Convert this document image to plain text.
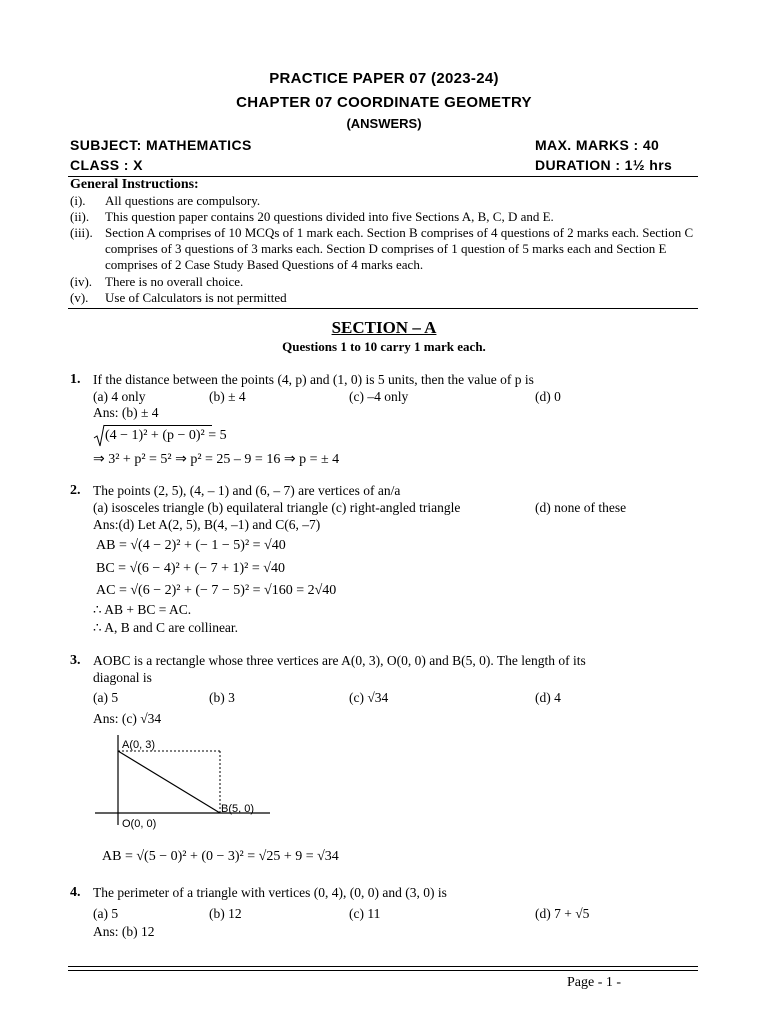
PRACTICE PAPER 07 (2023-24)
CHAPTER 07 COORDINATE GEOMETRY
(ANSWERS)
SUBJECT: MATHEMATICS	MAX. MARKS : 40
CLASS : X	DURATION : 1½ hrs
General Instructions:
(i). All questions are compulsory.
(ii). This question paper contains 20 questions divided into five Sections A, B, C, D and E.
(iii). Section A comprises of 10 MCQs of 1 mark each. Section B comprises of 4 questions of 2 marks each. Section C comprises of 3 questions of 3 marks each. Section D comprises of 1 question of 5 marks each and Section E comprises of 2 Case Study Based Questions of 4 marks each.
(iv). There is no overall choice.
(v). Use of Calculators is not permitted
SECTION – A
Questions 1 to 10 carry 1 mark each.
1. If the distance between the points (4, p) and (1, 0) is 5 units, then the value of p is
(a) 4 only	(b) ± 4	(c) –4 only	(d) 0
Ans: (b) ± 4
(4 − 1)² + (p − 0)² = 5
⇒ 3² + p² = 5² ⇒ p² = 25 – 9 = 16 ⇒ p = ± 4
2. The points (2, 5), (4, – 1) and (6, – 7) are vertices of an/a
(a) isosceles triangle (b) equilateral triangle (c) right-angled triangle	(d) none of these
Ans:(d) Let A(2, 5), B(4, –1) and C(6, –7)
AB = √(4 − 2)² + (− 1 − 5)² = √40
BC = √(6 − 4)² + (− 7 + 1)² = √40
AC = √(6 − 2)² + (− 7 − 5)² = √160 = 2√40
∴ AB + BC = AC.
∴ A, B and C are collinear.
3. AOBC is a rectangle whose three vertices are A(0, 3), O(0, 0) and B(5, 0). The length of its
diagonal is
(a) 5	(b) 3	(c) √34	(d) 4
Ans: (c) √34
A(0, 3)
B(5, 0)
O(0, 0)
AB = √(5 − 0)² + (0 − 3)² = √25 + 9 = √34
4. The perimeter of a triangle with vertices (0, 4), (0, 0) and (3, 0) is
(a) 5	(b) 12	(c) 11	(d) 7 + √5
Ans: (b) 12
Page - 1 -
